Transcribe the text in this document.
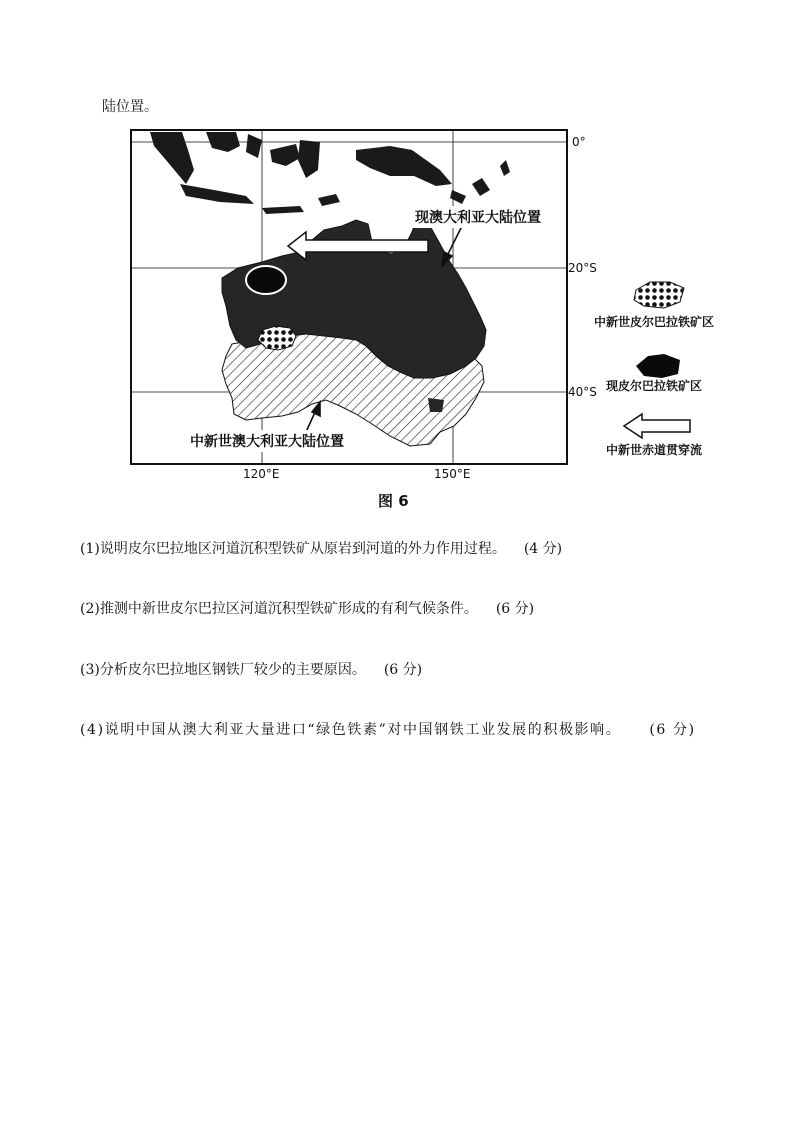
陆位置。
现澳大利亚大陆位置
中新世澳大利亚大陆位置
0°
20°S
40°S
120°E	150°E
中新世皮尔巴拉铁矿区
现皮尔巴拉铁矿区
中新世赤道贯穿流
图 6
(1)说明皮尔巴拉地区河道沉积型铁矿从原岩到河道的外力作用过程。 (4 分)
(2)推测中新世皮尔巴拉区河道沉积型铁矿形成的有利气候条件。 (6 分)
(3)分析皮尔巴拉地区钢铁厂较少的主要原因。 (6 分)
(4)说明中国从澳大利亚大量进口“绿色铁素”对中国钢铁工业发展的积极影响。 (6 分)
